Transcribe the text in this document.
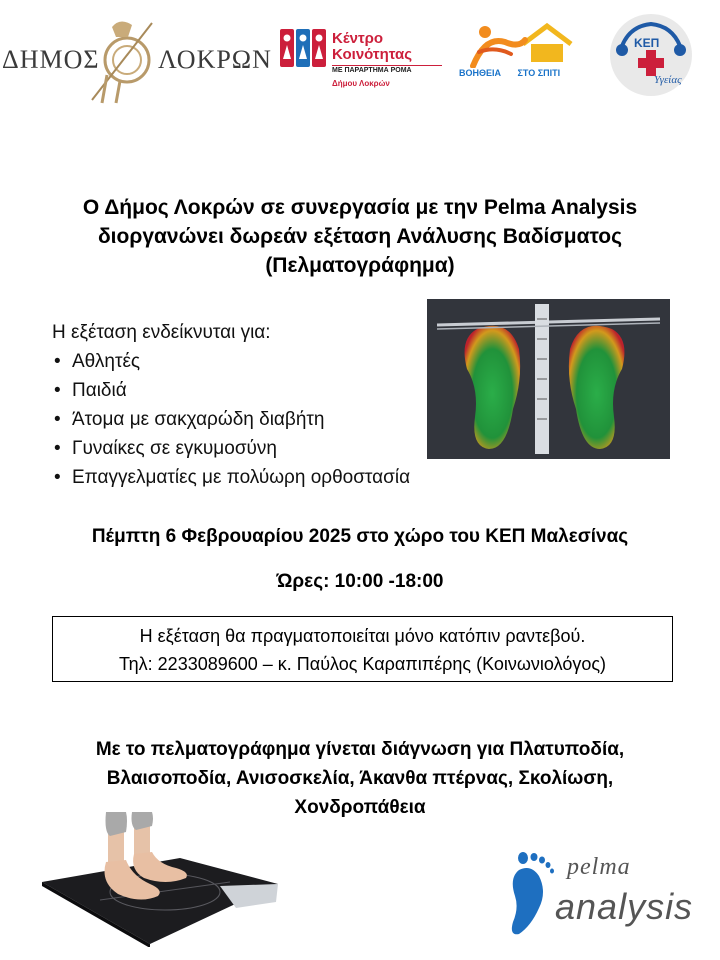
ΔΗΜΟΣ ΛΟΚΡΩΝ
Κέντρο Κοινότητας
ΜΕ ΠΑΡΑΡΤΗΜΑ ΡΟΜΑ
Δήμου Λοκρών
ΒΟΗΘΕΙΑ ΣΤΟ ΣΠΙΤΙ
ΚΕΠ
Υγείας
Ο Δήμος Λοκρών σε συνεργασία με την Pelma Analysis
διοργανώνει δωρεάν εξέταση Ανάλυσης Βαδίσματος
(Πελματογράφημα)
Η εξέταση ενδείκνυται για:
• Αθλητές
• Παιδιά
• Άτομα με σακχαρώδη διαβήτη
• Γυναίκες σε εγκυμοσύνη
• Επαγγελματίες με πολύωρη ορθοστασία
Πέμπτη 6 Φεβρουαρίου 2025 στο χώρο του ΚΕΠ Μαλεσίνας
Ώρες: 10:00 -18:00
Η εξέταση θα πραγματοποιείται μόνο κατόπιν ραντεβού.
Τηλ: 2233089600 – κ. Παύλος Καραπιπέρης (Κοινωνιολόγος)
Με το πελματογράφημα γίνεται διάγνωση για Πλατυποδία,
Βλαισοποδία, Ανισοσκελία, Άκανθα πτέρνας, Σκολίωση,
Χονδροπάθεια
pelma
analysis
